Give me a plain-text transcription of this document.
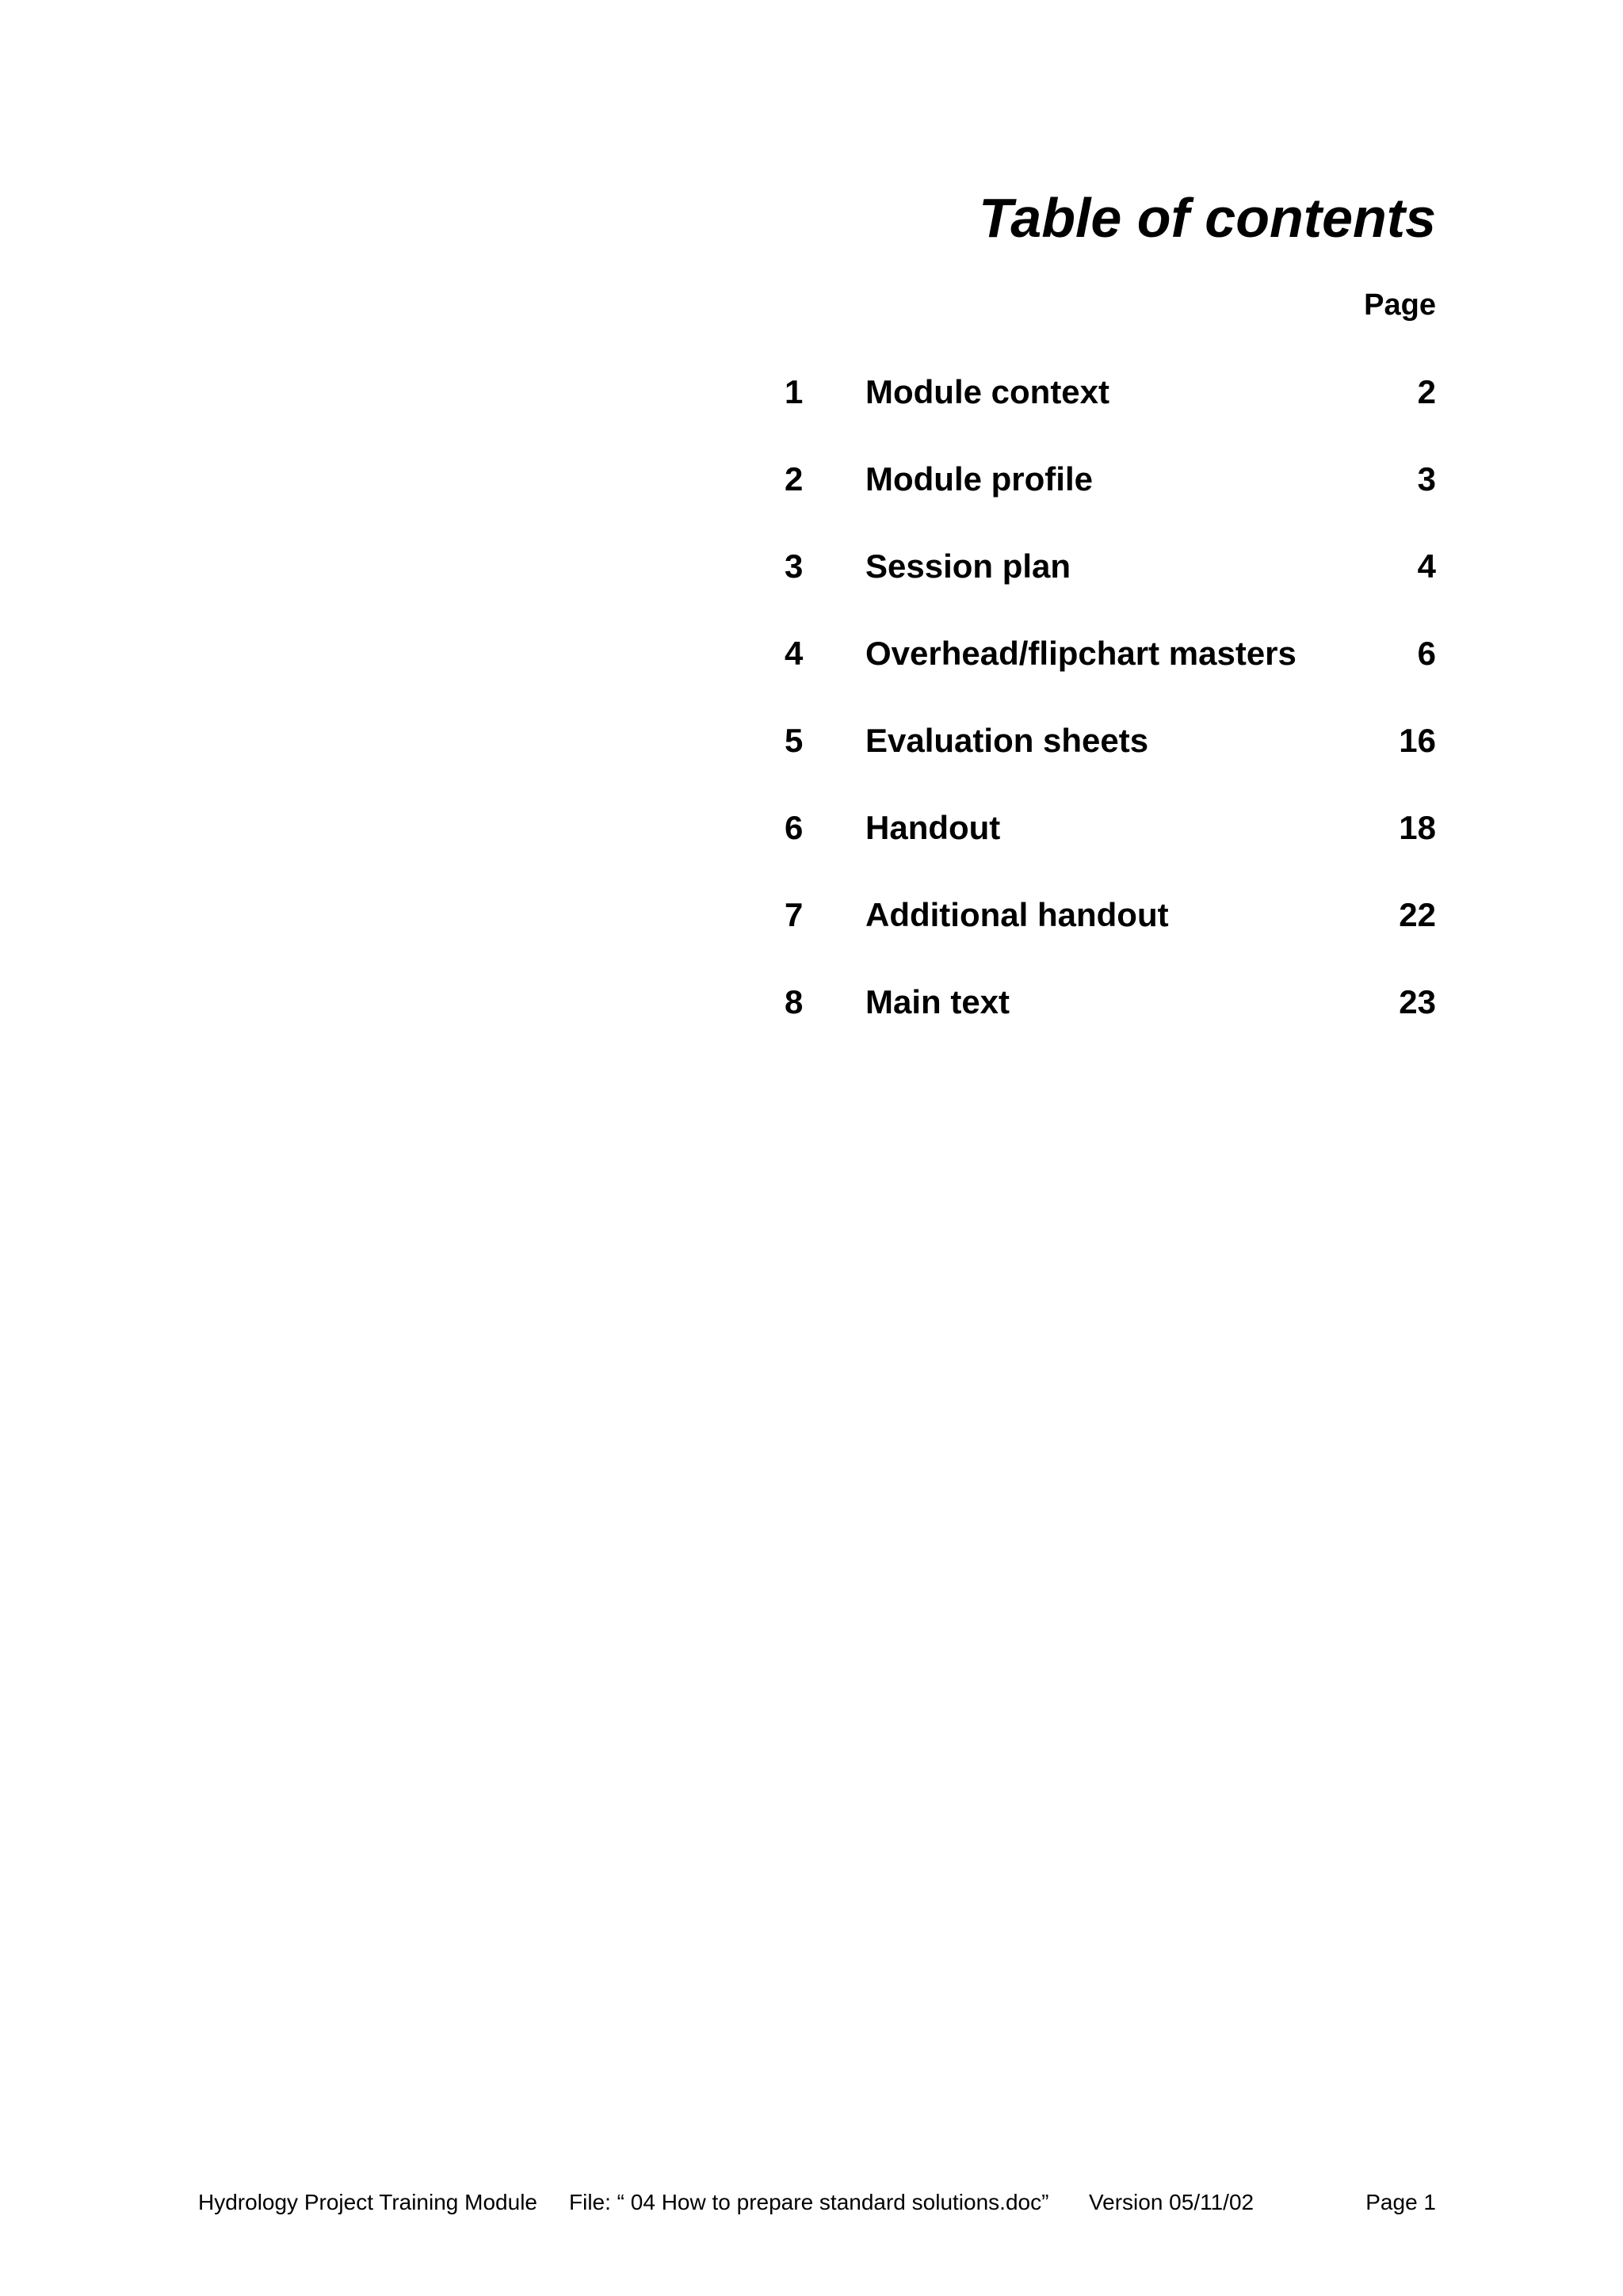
Table of contents
Page
1 Module context	2
2 Module profile	3
3 Session plan	4
4 Overhead/flipchart masters	6
5 Evaluation sheets	16
6 Handout	18
7 Additional handout	22
8 Main text	23
Hydrology Project Training Module File: “ 04 How to prepare standard solutions.doc” Version 05/11/02	Page 1
